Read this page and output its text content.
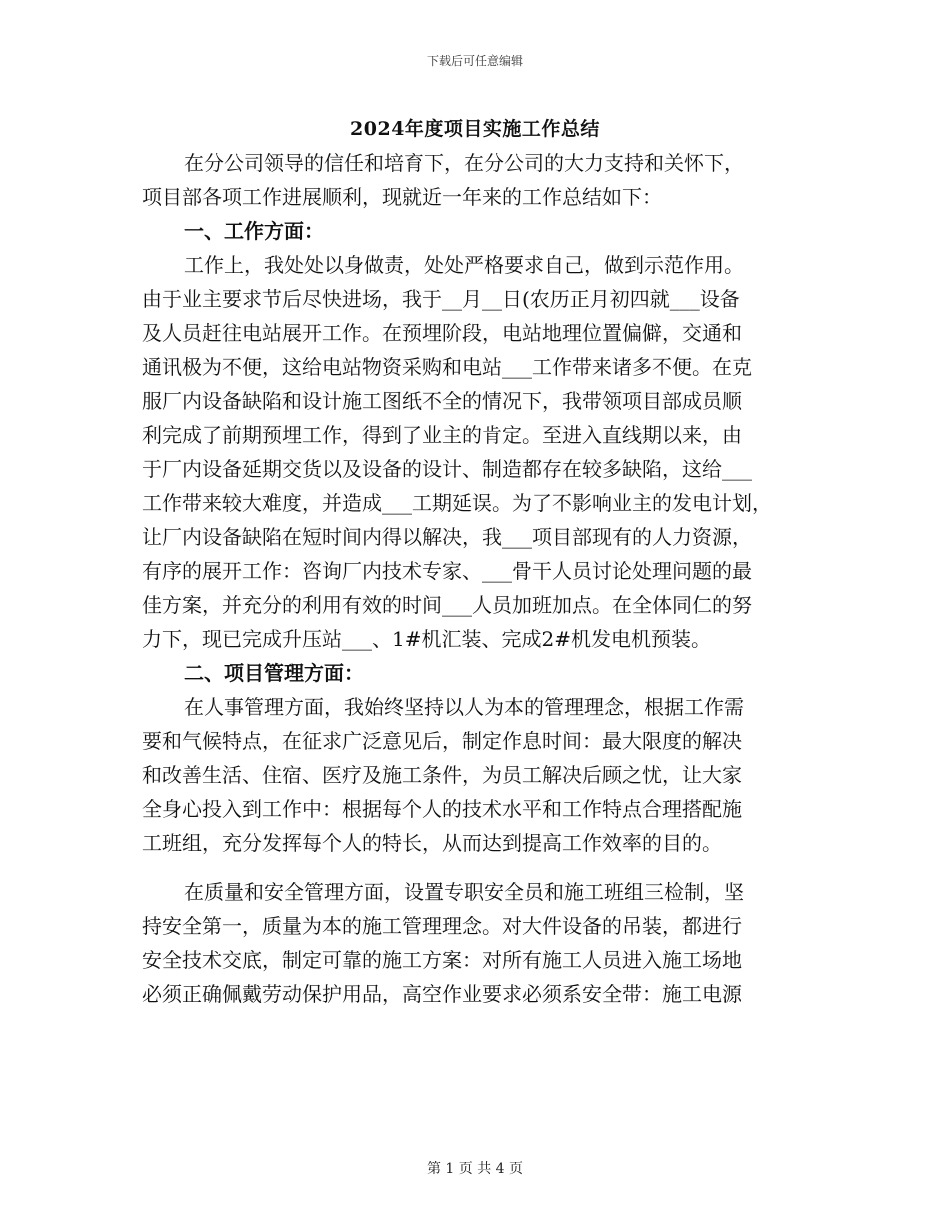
下载后可任意编辑
2024年度项目实施工作总结
在分公司领导的信任和培育下，在分公司的大力支持和关怀下，
项目部各项工作进展顺利，现就近一年来的工作总结如下：
一、工作方面：
工作上，我处处以身做责，处处严格要求自己，做到示范作用。
由于业主要求节后尽快进场，我于__月__日(农历正月初四就___设备
及人员赶往电站展开工作。在预埋阶段，电站地理位置偏僻，交通和
通讯极为不便，这给电站物资采购和电站___工作带来诸多不便。在克
服厂内设备缺陷和设计施工图纸不全的情况下，我带领项目部成员顺
利完成了前期预埋工作，得到了业主的肯定。至进入直线期以来，由
于厂内设备延期交货以及设备的设计、制造都存在较多缺陷，这给___
工作带来较大难度，并造成___工期延误。为了不影响业主的发电计划，
让厂内设备缺陷在短时间内得以解决，我___项目部现有的人力资源，
有序的展开工作：咨询厂内技术专家、___骨干人员讨论处理问题的最
佳方案，并充分的利用有效的时间___人员加班加点。在全体同仁的努
力下，现已完成升压站___、1#机汇装、完成2#机发电机预装。
二、项目管理方面：
在人事管理方面，我始终坚持以人为本的管理理念，根据工作需
要和气候特点，在征求广泛意见后，制定作息时间：最大限度的解决
和改善生活、住宿、医疗及施工条件，为员工解决后顾之忧，让大家
全身心投入到工作中：根据每个人的技术水平和工作特点合理搭配施
工班组，充分发挥每个人的特长，从而达到提高工作效率的目的。
在质量和安全管理方面，设置专职安全员和施工班组三检制，坚
持安全第一，质量为本的施工管理理念。对大件设备的吊装，都进行
安全技术交底，制定可靠的施工方案：对所有施工人员进入施工场地
必须正确佩戴劳动保护用品，高空作业要求必须系安全带：施工电源
第 1 页 共 4 页
